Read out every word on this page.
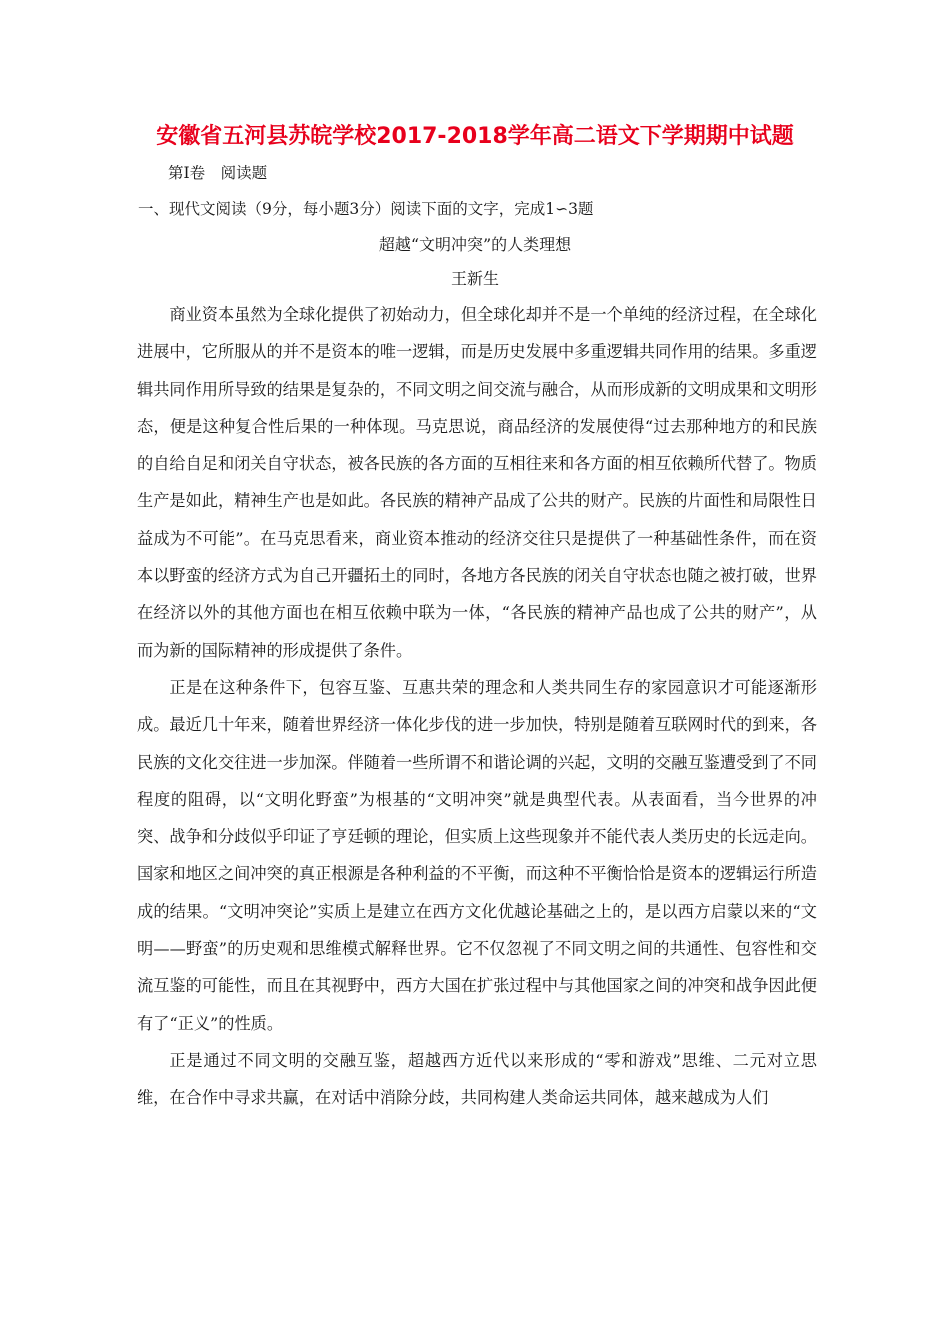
安徽省五河县苏皖学校2017-2018学年高二语文下学期期中试题
第Ⅰ卷　阅读题
一、现代文阅读（9分，每小题3分）阅读下面的文字，完成1∽3题
超越“文明冲突”的人类理想
王新生

商业资本虽然为全球化提供了初始动力，但全球化却并不是一个单纯的经济过程，在全球化进展中，它所服从的并不是资本的唯一逻辑，而是历史发展中多重逻辑共同作用的结果。多重逻辑共同作用所导致的结果是复杂的，不同文明之间交流与融合，从而形成新的文明成果和文明形态，便是这种复合性后果的一种体现。马克思说，商品经济的发展使得“过去那种地方的和民族的自给自足和闭关自守状态，被各民族的各方面的互相往来和各方面的相互依赖所代替了。物质生产是如此，精神生产也是如此。各民族的精神产品成了公共的财产。民族的片面性和局限性日益成为不可能”。在马克思看来，商业资本推动的经济交往只是提供了一种基础性条件，而在资本以野蛮的经济方式为自己开疆拓土的同时，各地方各民族的闭关自守状态也随之被打破，世界在经济以外的其他方面也在相互依赖中联为一体，“各民族的精神产品也成了公共的财产”，从而为新的国际精神的形成提供了条件。

正是在这种条件下，包容互鉴、互惠共荣的理念和人类共同生存的家园意识才可能逐渐形成。最近几十年来，随着世界经济一体化步伐的进一步加快，特别是随着互联网时代的到来，各民族的文化交往进一步加深。伴随着一些所谓不和谐论调的兴起，文明的交融互鉴遭受到了不同程度的阻碍，以“文明化野蛮”为根基的“文明冲突”就是典型代表。从表面看，当今世界的冲突、战争和分歧似乎印证了亨廷顿的理论，但实质上这些现象并不能代表人类历史的长远走向。国家和地区之间冲突的真正根源是各种利益的不平衡，而这种不平衡恰恰是资本的逻辑运行所造成的结果。“文明冲突论”实质上是建立在西方文化优越论基础之上的，是以西方启蒙以来的“文明——野蛮”的历史观和思维模式解释世界。它不仅忽视了不同文明之间的共通性、包容性和交流互鉴的可能性，而且在其视野中，西方大国在扩张过程中与其他国家之间的冲突和战争因此便有了“正义”的性质。

正是通过不同文明的交融互鉴，超越西方近代以来形成的“零和游戏”思维、二元对立思维，在合作中寻求共赢，在对话中消除分歧，共同构建人类命运共同体，越来越成为人们
